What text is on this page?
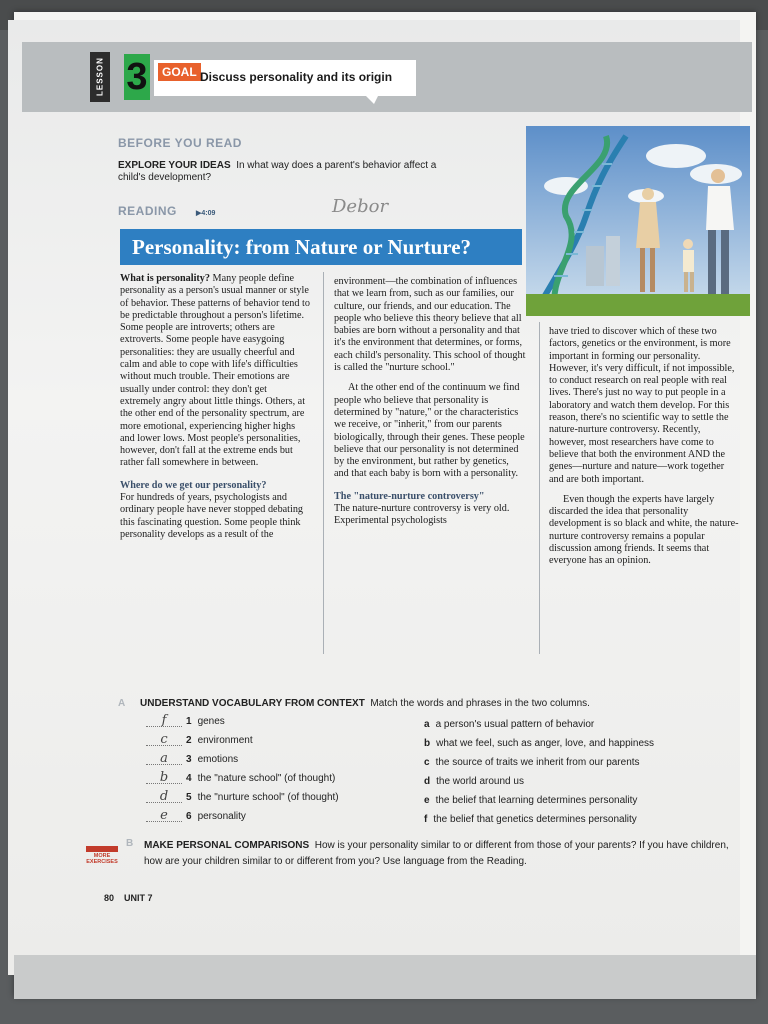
LESSON 3	GOAL Discuss personality and its origin
BEFORE YOU READ
EXPLORE YOUR IDEAS In what way does a parent's behavior affect a child's development?
READING	▶4:09	Debor
Personality: from Nature or Nurture?

What is personality? Many people define personality as a person's usual manner or style of behavior. These patterns of behavior tend to be predictable throughout a person's lifetime. Some people are introverts; others are extroverts. Some people have easygoing personalities: they are usually cheerful and calm and able to cope with life's difficulties without much trouble. Their emotions are usually under control: they don't get extremely angry about little things. Others, at the other end of the personality spectrum, are more emotional, experiencing higher highs and lower lows. Most people's personalities, however, don't fall at the extreme ends but rather fall somewhere in between.

Where do we get our personality?

For hundreds of years, psychologists and ordinary people have never stopped debating this fascinating question. Some people think personality develops as a result of the

environment—the combination of influences that we learn from, such as our families, our culture, our friends, and our education. The people who believe this theory believe that all babies are born without a personality and that it's the environment that determines, or forms, each child's personality. This school of thought is called the "nurture school."

At the other end of the continuum we find people who believe that personality is determined by "nature," or the characteristics we receive, or "inherit," from our parents biologically, through their genes. These people believe that our personality is not determined by the environment, but rather by genetics, and that each baby is born with a personality.

The "nature-nurture controversy"

The nature-nurture controversy is very old. Experimental psychologists

have tried to discover which of these two factors, genetics or the environment, is more important in forming our personality. However, it's very difficult, if not impossible, to conduct research on real people with real lives. There's just no way to put people in a laboratory and watch them develop. For this reason, there's no scientific way to settle the nature-nurture controversy. Recently, however, most researchers have come to believe that both the environment AND the genes—nurture and nature—work together and are both important.

Even though the experts have largely discarded the idea that personality development is so black and white, the nature-nurture controversy remains a popular discussion among friends. It seems that everyone has an opinion.

A UNDERSTAND VOCABULARY FROM CONTEXT Match the words and phrases in the two columns.
f 1 genes
c 2 environment
a 3 emotions
b 4 the "nature school" (of thought)
d 5 the "nurture school" (of thought)
e 6 personality
a a person's usual pattern of behavior
b what we feel, such as anger, love, and happiness
c the source of traits we inherit from our parents
d the world around us
e the belief that learning determines personality
f the belief that genetics determines personality
MORE EXERCISES
B MAKE PERSONAL COMPARISONS How is your personality similar to or different from those of your parents? If you have children, how are your children similar to or different from you? Use language from the Reading.
80 UNIT 7
